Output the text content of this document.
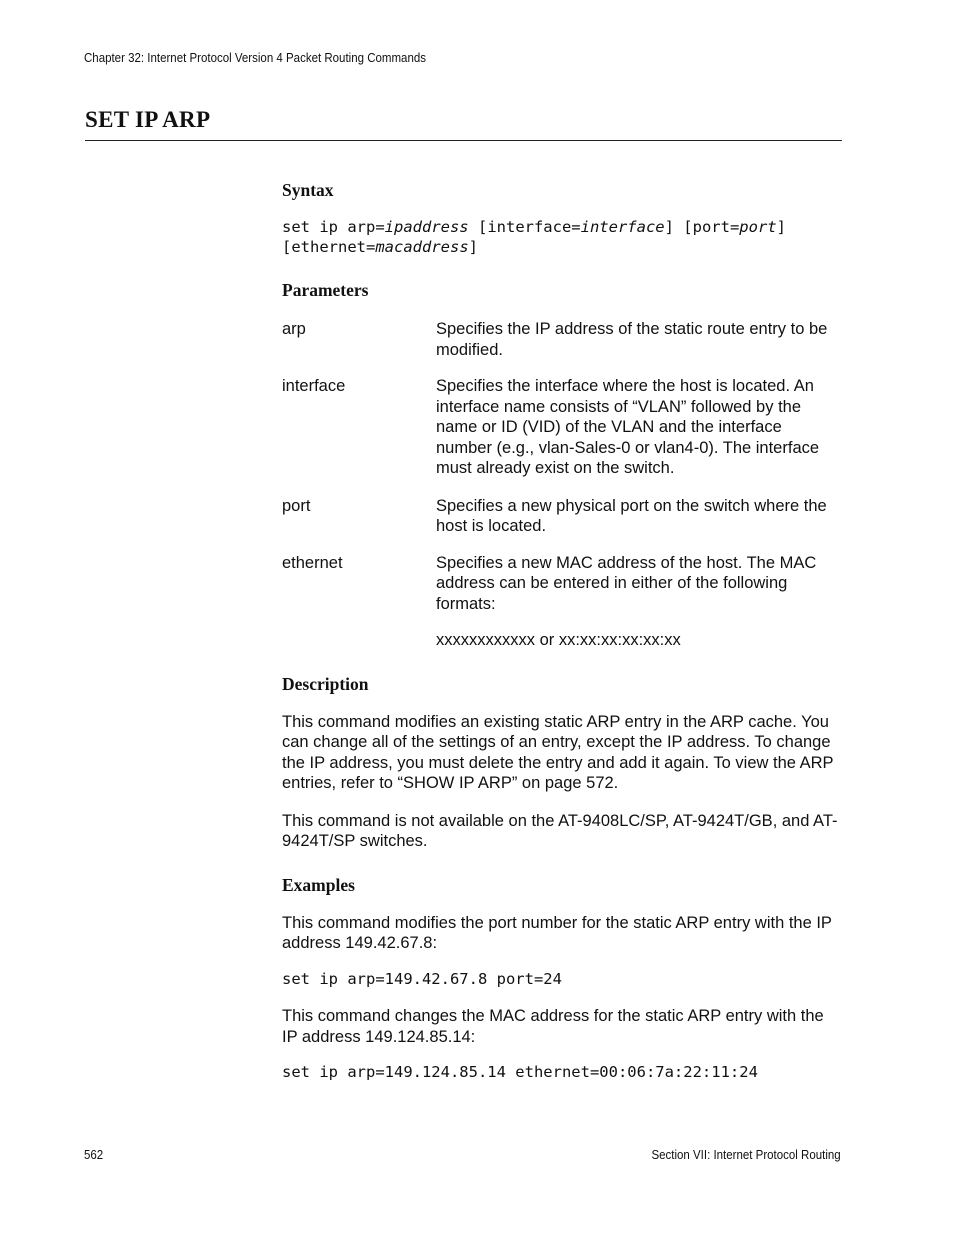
Chapter 32: Internet Protocol Version 4 Packet Routing Commands
SET IP ARP
Syntax
set ip arp=ipaddress [interface=interface] [port=port]
[ethernet=macaddress]
Parameters
arp	Specifies the IP address of the static route entry to be modified.
interface	Specifies the interface where the host is located. An interface name consists of “VLAN” followed by the name or ID (VID) of the VLAN and the interface number (e.g., vlan-Sales-0 or vlan4-0). The interface must already exist on the switch.
port	Specifies a new physical port on the switch where the host is located.
ethernet	Specifies a new MAC address of the host. The MAC address can be entered in either of the following formats:
xxxxxxxxxxxx or xx:xx:xx:xx:xx:xx
Description
This command modifies an existing static ARP entry in the ARP cache. You can change all of the settings of an entry, except the IP address. To change the IP address, you must delete the entry and add it again. To view the ARP entries, refer to “SHOW IP ARP” on page 572.
This command is not available on the AT-9408LC/SP, AT-9424T/GB, and AT-9424T/SP switches.
Examples
This command modifies the port number for the static ARP entry with the IP address 149.42.67.8:
set ip arp=149.42.67.8 port=24
This command changes the MAC address for the static ARP entry with the IP address 149.124.85.14:
set ip arp=149.124.85.14 ethernet=00:06:7a:22:11:24
562	Section VII: Internet Protocol Routing
